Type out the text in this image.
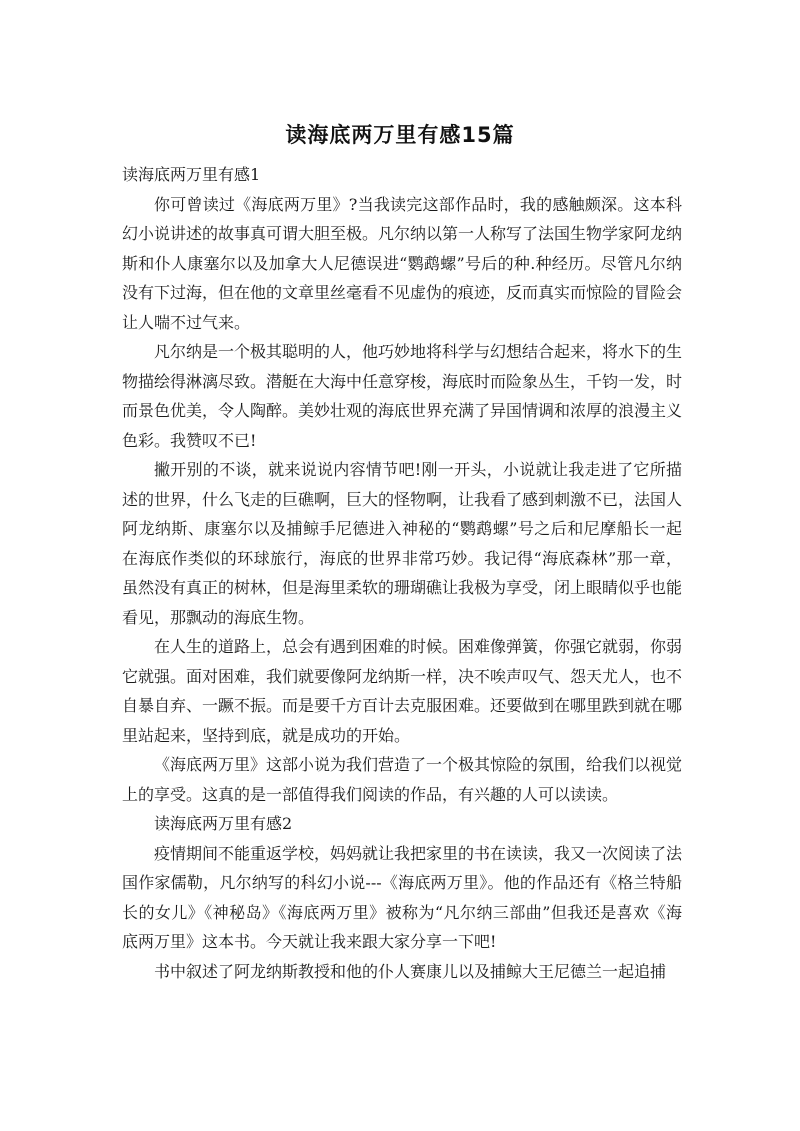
读海底两万里有感15篇

读海底两万里有感1

你可曾读过《海底两万里》?当我读完这部作品时，我的感触颇深。这本科幻小说讲述的故事真可谓大胆至极。凡尔纳以第一人称写了法国生物学家阿龙纳斯和仆人康塞尔以及加拿大人尼德误进“鹦鹉螺”号后的种.种经历。尽管凡尔纳没有下过海，但在他的文章里丝毫看不见虚伪的痕迹，反而真实而惊险的冒险会让人喘不过气来。

凡尔纳是一个极其聪明的人，他巧妙地将科学与幻想结合起来，将水下的生物描绘得淋漓尽致。潜艇在大海中任意穿梭，海底时而险象丛生，千钧一发，时而景色优美，令人陶醉。美妙壮观的海底世界充满了异国情调和浓厚的浪漫主义色彩。我赞叹不已!

撇开别的不谈，就来说说内容情节吧!刚一开头，小说就让我走进了它所描述的世界，什么飞走的巨礁啊，巨大的怪物啊，让我看了感到刺激不已，法国人阿龙纳斯、康塞尔以及捕鲸手尼德进入神秘的“鹦鹉螺”号之后和尼摩船长一起在海底作类似的环球旅行，海底的世界非常巧妙。我记得“海底森林”那一章，虽然没有真正的树林，但是海里柔软的珊瑚礁让我极为享受，闭上眼睛似乎也能看见，那飘动的海底生物。

在人生的道路上，总会有遇到困难的时候。困难像弹簧，你强它就弱，你弱它就强。面对困难，我们就要像阿龙纳斯一样，决不唉声叹气、怨天尤人，也不自暴自弃、一蹶不振。而是要千方百计去克服困难。还要做到在哪里跌到就在哪里站起来，坚持到底，就是成功的开始。

《海底两万里》这部小说为我们营造了一个极其惊险的氛围，给我们以视觉上的享受。这真的是一部值得我们阅读的作品，有兴趣的人可以读读。

读海底两万里有感2

疫情期间不能重返学校，妈妈就让我把家里的书在读读，我又一次阅读了法国作家儒勒，凡尔纳写的科幻小说---《海底两万里》。他的作品还有《格兰特船长的女儿》《神秘岛》《海底两万里》被称为“凡尔纳三部曲”但我还是喜欢《海底两万里》这本书。今天就让我来跟大家分享一下吧!

书中叙述了阿龙纳斯教授和他的仆人赛康儿以及捕鲸大王尼德兰一起追捕
